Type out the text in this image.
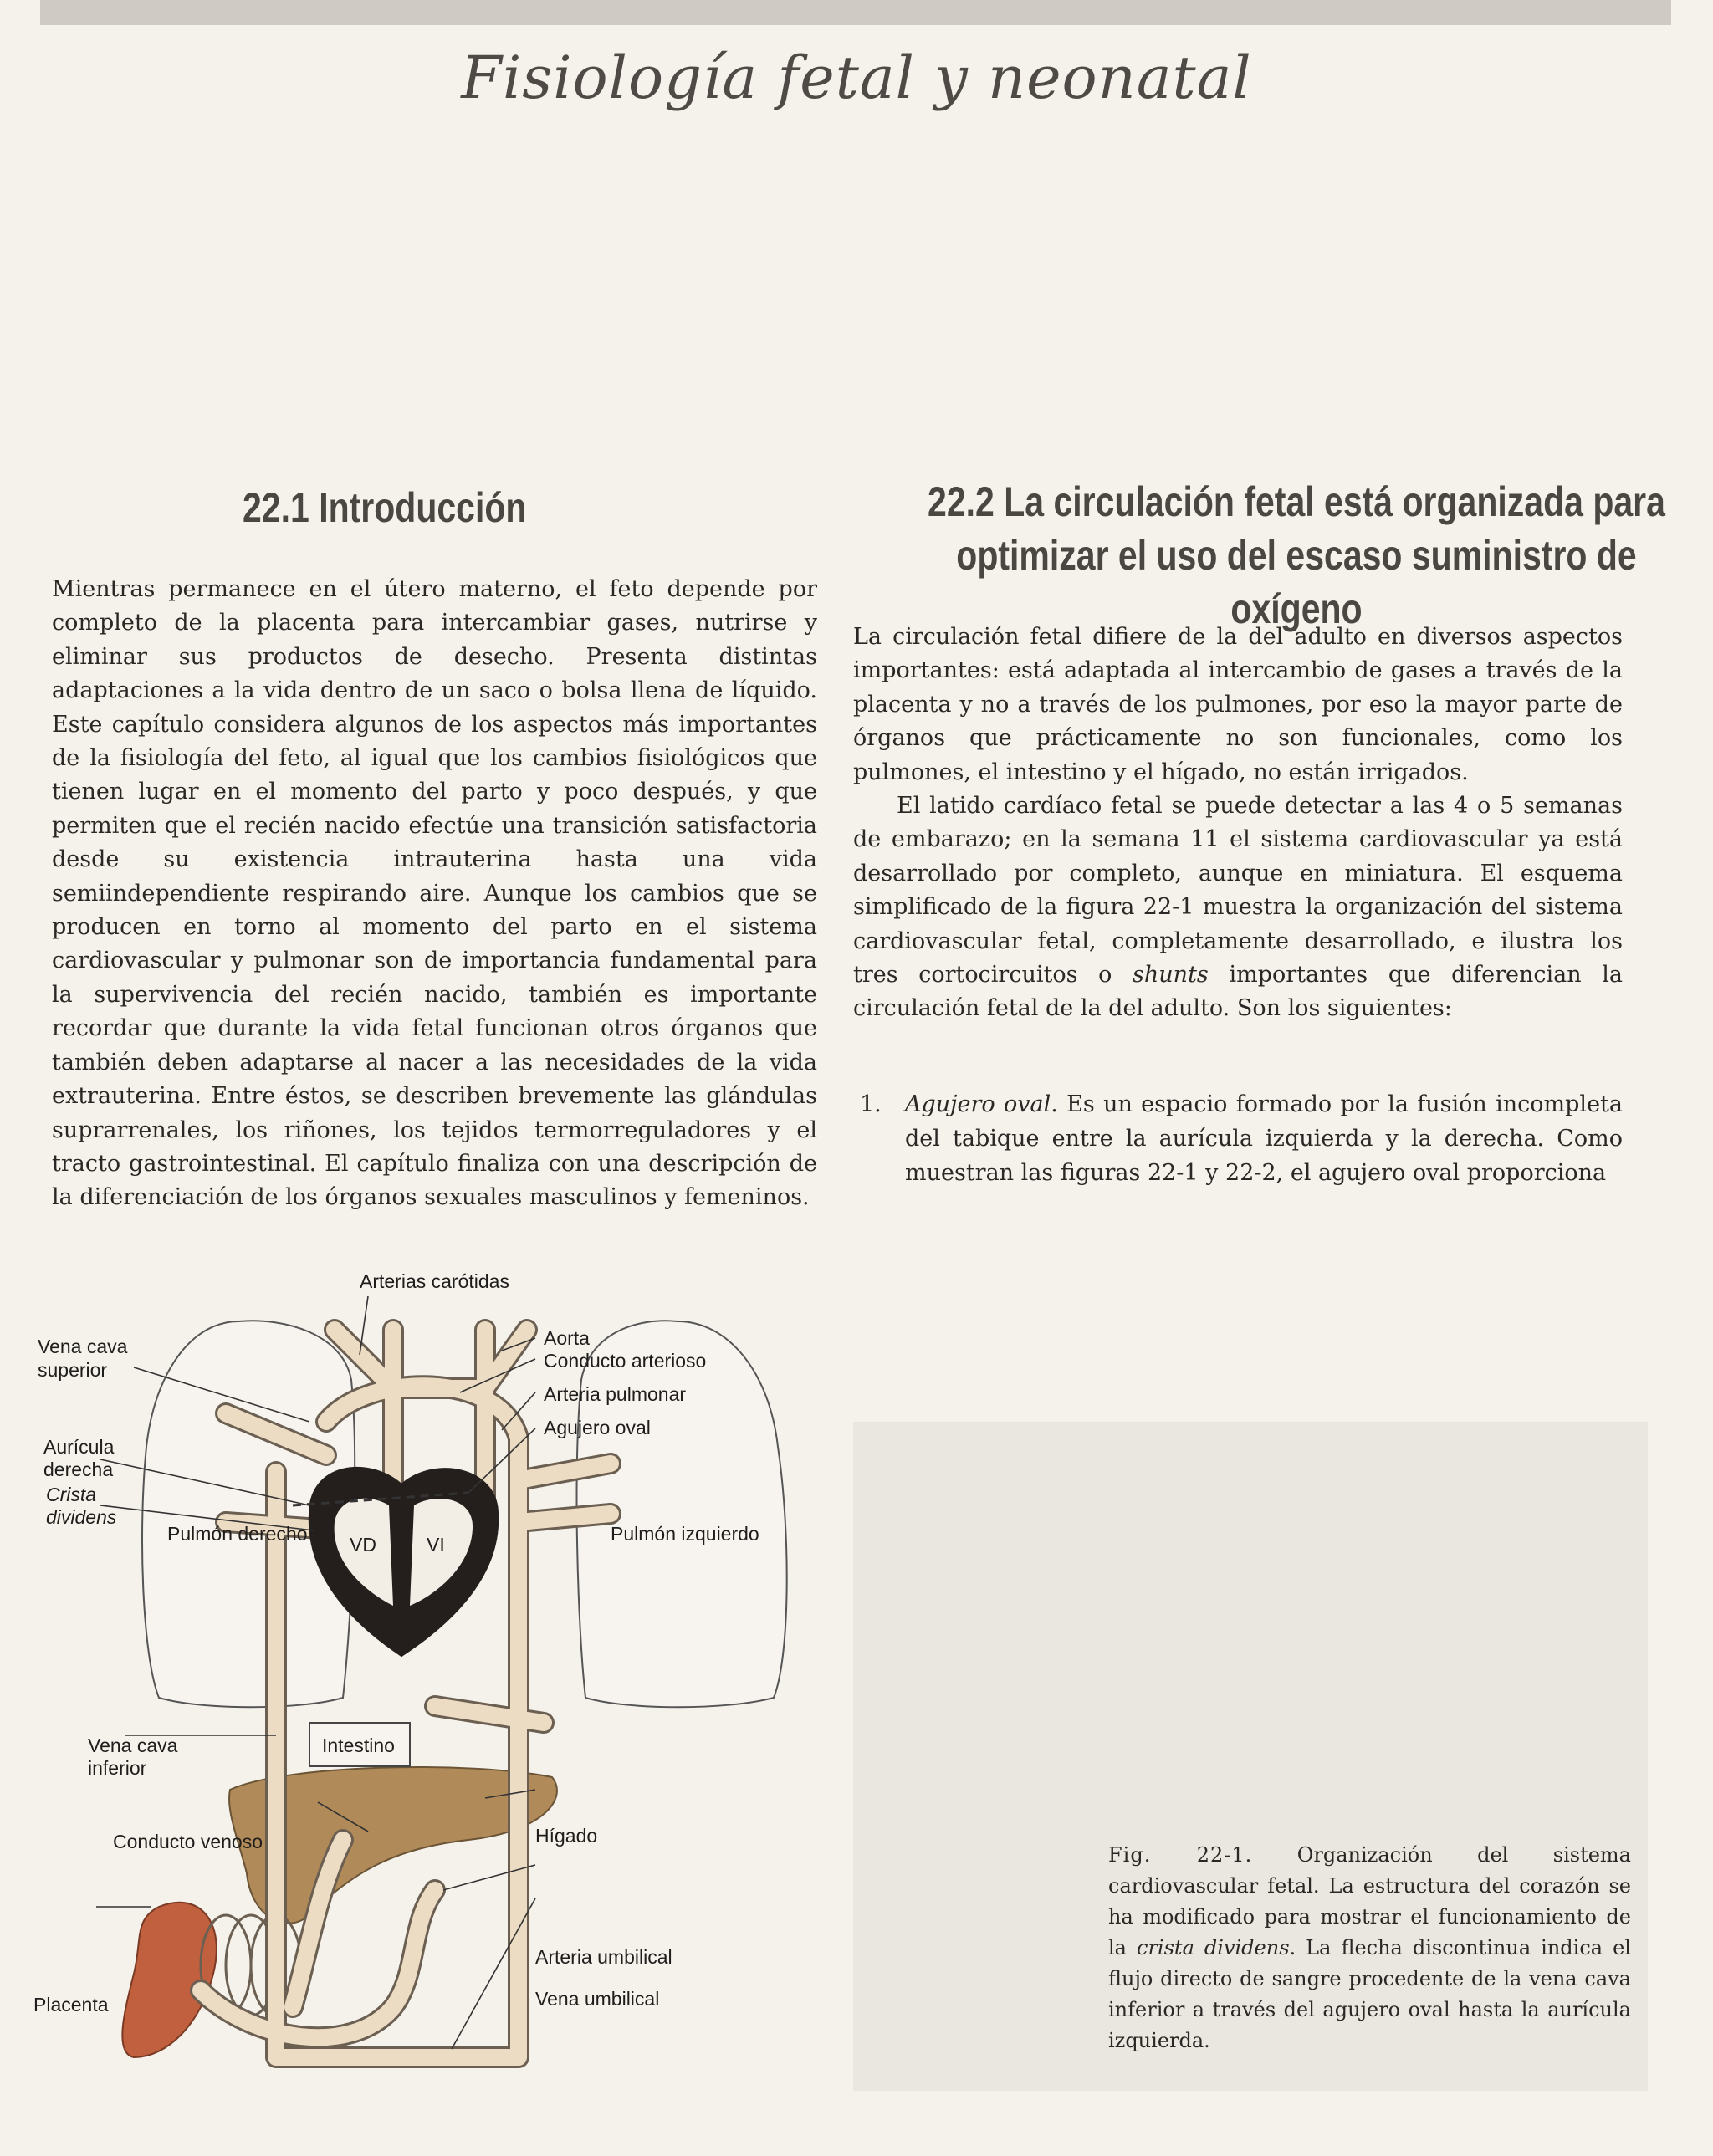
Fisiología fetal y neonatal
22.1 Introducción	22.2 La circulación fetal está organizada para
optimizar el uso del escaso suministro de oxígeno

Mientras permanece en el útero materno, el feto depende por completo de la placenta para intercambiar gases, nutrirse y eliminar sus productos de desecho. Presenta distintas adaptaciones a la vida dentro de un saco o bolsa llena de líquido. Este capítulo considera algunos de los aspectos más importantes de la fisiología del feto, al igual que los cambios fisiológicos que tienen lugar en el momento del parto y poco después, y que permiten que el recién nacido efectúe una transición satisfactoria desde su existencia intrauterina hasta una vida semiindependiente respirando aire. Aunque los cambios que se producen en torno al momento del parto en el sistema cardiovascular y pulmonar son de importancia fundamental para la supervivencia del recién nacido, también es importante recordar que durante la vida fetal funcionan otros órganos que también deben adaptarse al nacer a las necesidades de la vida extrauterina. Entre éstos, se describen brevemente las glándulas suprarrenales, los riñones, los tejidos termorreguladores y el tracto gastrointestinal. El capítulo finaliza con una descripción de la diferenciación de los órganos sexuales masculinos y femeninos.

La circulación fetal difiere de la del adulto en diversos aspectos importantes: está adaptada al intercambio de gases a través de la placenta y no a través de los pulmones, por eso la mayor parte de órganos que prácticamente no son funcionales, como los pulmones, el intestino y el hígado, no están irrigados.

El latido cardíaco fetal se puede detectar a las 4 o 5 semanas de embarazo; en la semana 11 el sistema cardiovascular ya está desarrollado por completo, aunque en miniatura. El esquema simplificado de la figura 22-1 muestra la organización del sistema cardiovascular fetal, completamente desarrollado, e ilustra los tres cortocircuitos o shunts importantes que diferencian la circulación fetal de la del adulto. Son los siguientes:

1. Agujero oval. Es un espacio formado por la fusión incompleta del tabique entre la aurícula izquierda y la derecha. Como muestran las figuras 22-1 y 22-2, el agujero oval proporciona
Arterias carótidas
Vena cava
superior
Aurícula
derecha
Crista
dividens
Pulmón derecho	Pulmón izquierdo
VD	VI
Aorta
Conducto arterioso
Arteria pulmonar
Agujero oval
Vena cava
inferior
Intestino
Conducto venoso	Hígado
Arteria umbilical
Vena umbilical
Placenta
Fig. 22-1. Organización del sistema cardiovascular fetal. La estructura del corazón se ha modificado para mostrar el funcionamiento de la crista dividens. La flecha discontinua indica el flujo directo de sangre procedente de la vena cava inferior a través del agujero oval hasta la aurícula izquierda.
